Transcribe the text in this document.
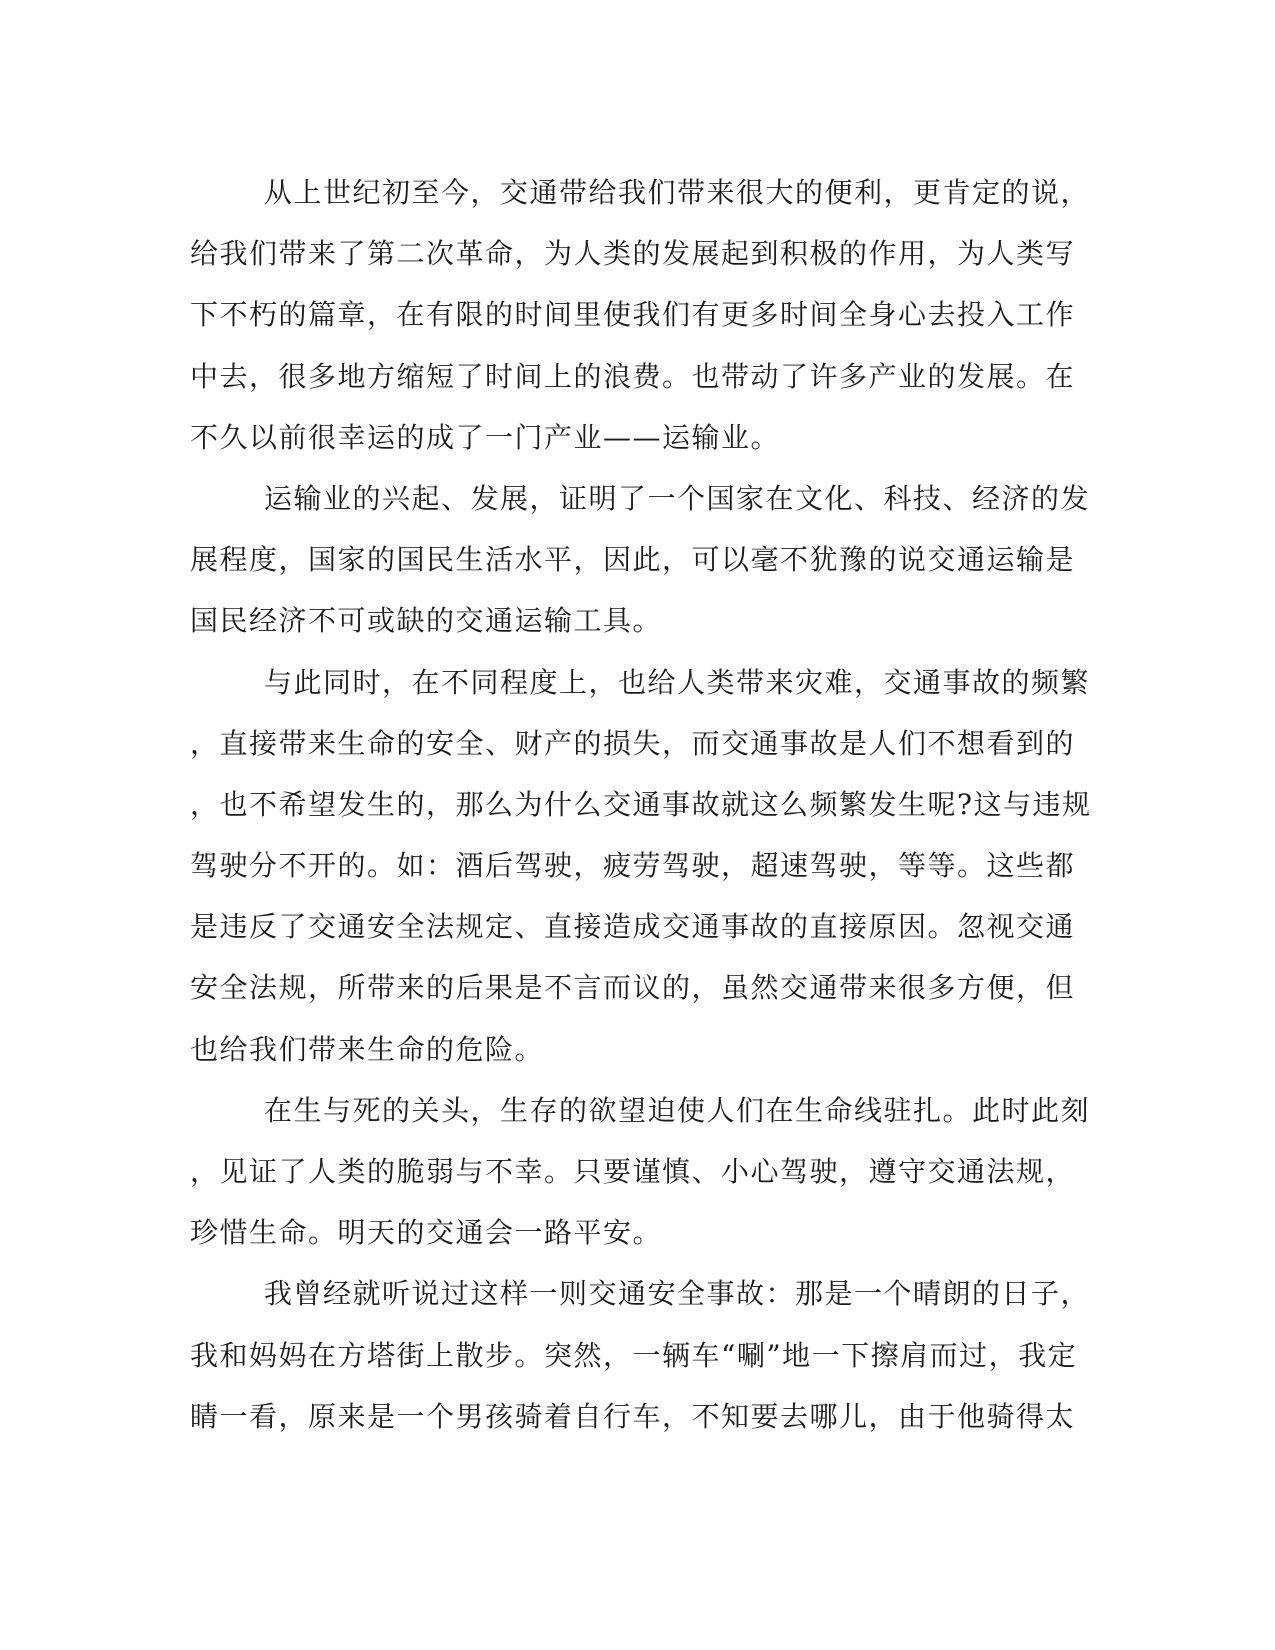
从上世纪初至今，交通带给我们带来很大的便利，更肯定的说，
给我们带来了第二次革命，为人类的发展起到积极的作用，为人类写
下不朽的篇章，在有限的时间里使我们有更多时间全身心去投入工作
中去，很多地方缩短了时间上的浪费。也带动了许多产业的发展。在
不久以前很幸运的成了一门产业——运输业。
运输业的兴起、发展，证明了一个国家在文化、科技、经济的发
展程度，国家的国民生活水平，因此，可以毫不犹豫的说交通运输是
国民经济不可或缺的交通运输工具。
与此同时，在不同程度上，也给人类带来灾难，交通事故的频繁
，直接带来生命的安全、财产的损失，而交通事故是人们不想看到的
，也不希望发生的，那么为什么交通事故就这么频繁发生呢?这与违规
驾驶分不开的。如：酒后驾驶，疲劳驾驶，超速驾驶，等等。这些都
是违反了交通安全法规定、直接造成交通事故的直接原因。忽视交通
安全法规，所带来的后果是不言而议的，虽然交通带来很多方便，但
也给我们带来生命的危险。
在生与死的关头，生存的欲望迫使人们在生命线驻扎。此时此刻
，见证了人类的脆弱与不幸。只要谨慎、小心驾驶，遵守交通法规，
珍惜生命。明天的交通会一路平安。
我曾经就听说过这样一则交通安全事故：那是一个晴朗的日子，
我和妈妈在方塔街上散步。突然，一辆车“唰”地一下擦肩而过，我定
睛一看，原来是一个男孩骑着自行车，不知要去哪儿，由于他骑得太
